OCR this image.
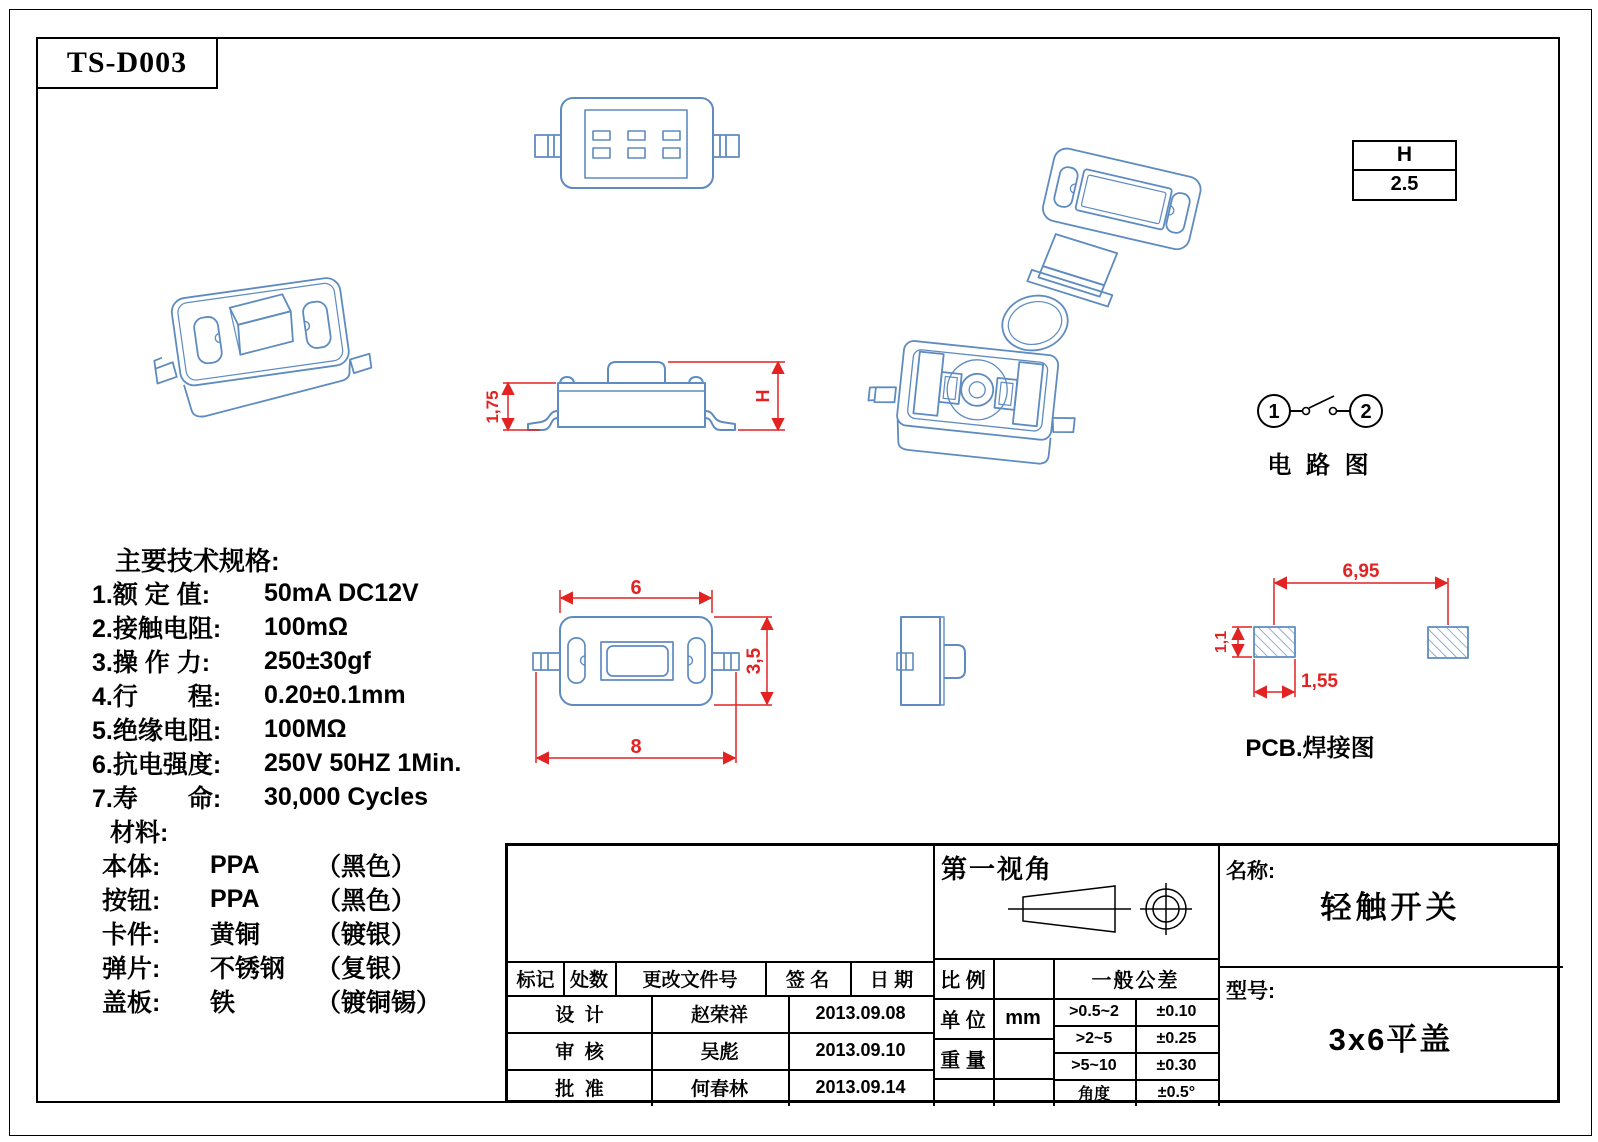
TS-D003
H
2.5
1,75	H
1	2
电 路 图
6
3,5
8
6,95
1,1
1,55
PCB.焊接图
主要技术规格:
1.额 定 值:	50mA DC12V
2.接触电阻:	100mΩ
3.操 作 力:	250±30gf
4.行　　程:	0.20±0.1mm
5.绝缘电阻:	100MΩ
6.抗电强度:	250V 50HZ 1Min.
7.寿　　命:	30,000 Cycles
材料:
本体:	PPA	（黑色）
按钮:	PPA	（黑色）
卡件:	黄铜	（镀银）
弹片:	不锈钢	（复银）
盖板:	铁	（镀铜锡）
第一视角
标记 处数	更改文件号	签 名	日 期
设  计	赵荣祥	2013.09.08
审  核	吴彪	2013.09.10
批  准	何春林	2013.09.14
比 例
单 位 mm
重 量
一般公差
>0.5~2	±0.10
>2~5	±0.25
>5~10	±0.30
角度	±0.5°
名称:
轻触开关
型号:
3x6平盖
